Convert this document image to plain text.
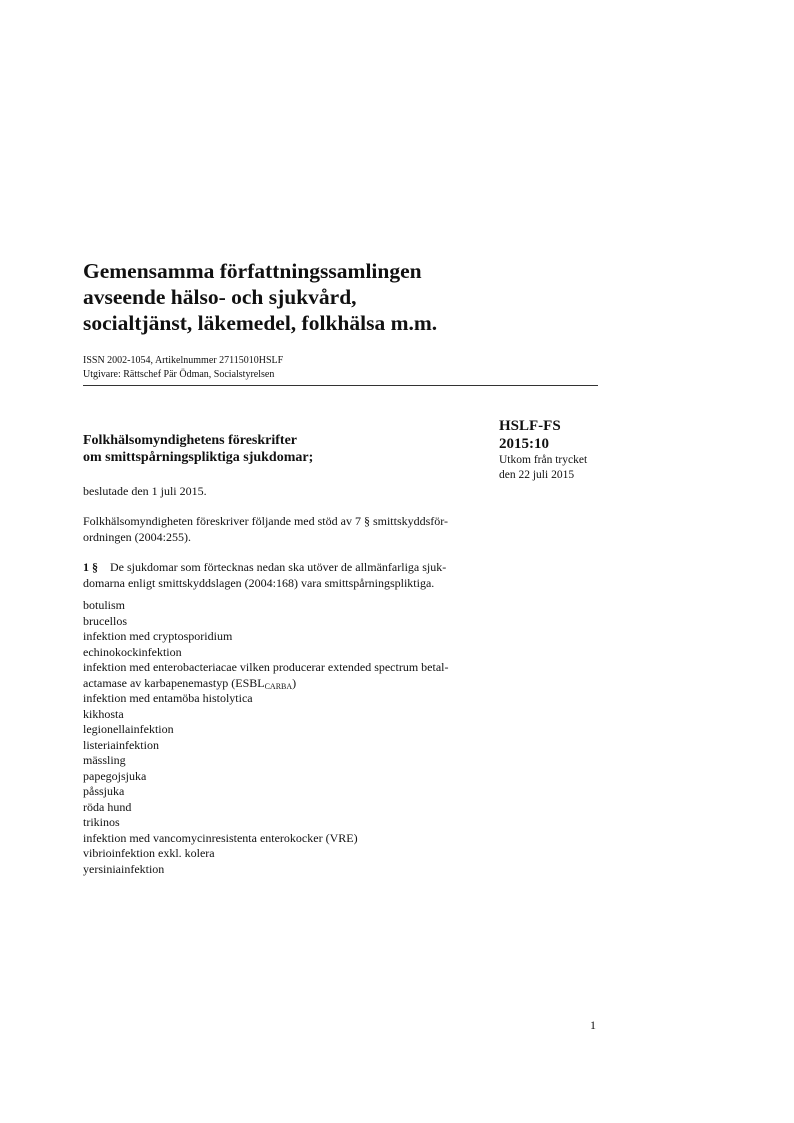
Gemensamma författningssamlingen
avseende hälso- och sjukvård,
socialtjänst, läkemedel, folkhälsa m.m.
ISSN 2002-1054, Artikelnummer 27115010HSLF
Utgivare: Rättschef Pär Ödman, Socialstyrelsen
HSLF-FS
2015:10
Utkom från trycket
den 22 juli 2015
Folkhälsomyndighetens föreskrifter
om smittspårningspliktiga sjukdomar;
beslutade den 1 juli 2015.
Folkhälsomyndigheten föreskriver följande med stöd av 7 § smittskyddsför-
ordningen (2004:255).
1 § De sjukdomar som förtecknas nedan ska utöver de allmänfarliga sjuk-
domarna enligt smittskyddslagen (2004:168) vara smittspårningspliktiga.
botulism
brucellos
infektion med cryptosporidium
echinokockinfektion
infektion med enterobacteriacae vilken producerar extended spectrum betal-
actamase av karbapenemastyp $(ESBL_{CARBA})$
infektion med entamöba histolytica
kikhosta
legionellainfektion
listeriainfektion
mässling
papegojsjuka
påssjuka
röda hund
trikinos
infektion med vancomycinresistenta enterokocker (VRE)
vibrioinfektion exkl. kolera
yersiniainfektion
1
